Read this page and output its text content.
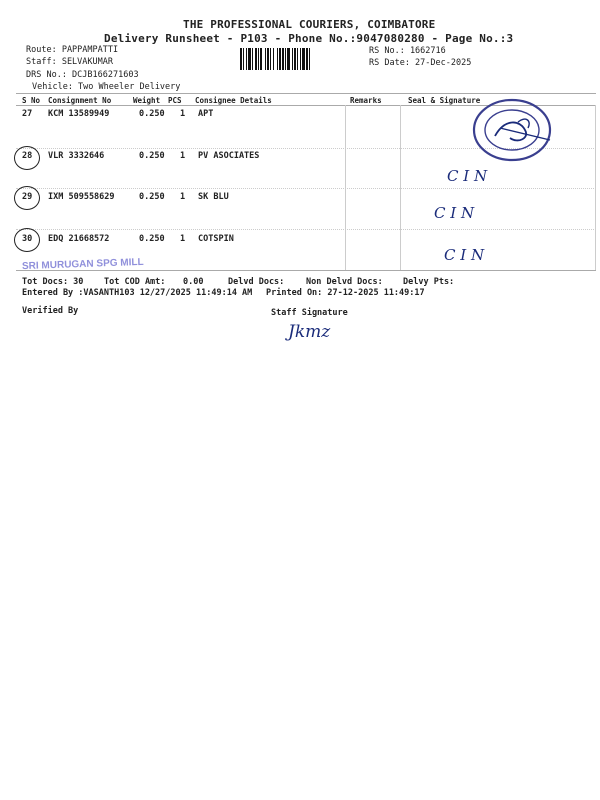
THE PROFESSIONAL COURIERS, COIMBATORE
Delivery Runsheet - P103 - Phone No.:9047080280 - Page No.:3
Route: PAPPAMPATTI
Staff: SELVAKUMAR
DRS No.: DCJB166271603
Vehicle: Two Wheeler Delivery
RS No.: 1662716
RS Date: 27-Dec-2025
S No Consignment No	Weight PCS Consignee Details	Remarks	Seal & Signature
27 KCM 13589949	0.250 1 APT
28 VLR 3332646	0.250 1 PV ASOCIATES
29 IXM 509558629	0.250 1 SK BLU
30 EDQ 21668572	0.250 1 COTSPIN
C I N
C I N
C I N
SRI MURUGAN SPG MILL
Tot Docs: 30 Tot COD Amt: 0.00	Delvd Docs:	Non Delvd Docs: Delvy Pts:
Entered By :VASANTH103 12/27/2025 11:49:14 AM Printed On: 27-12-2025 11:49:17
Verified By	Staff Signature
Jkmz
